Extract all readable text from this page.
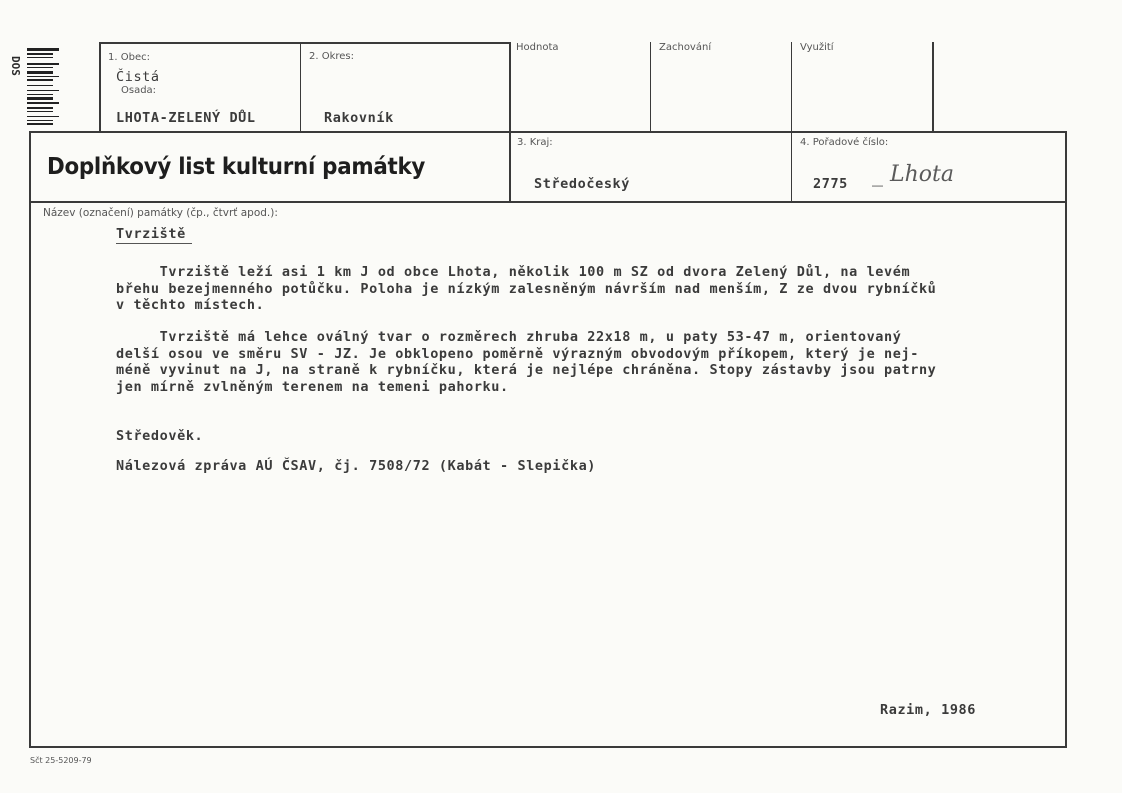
DOS	1. Obec:
Čistá
Osada:
LHOTA-ZELENÝ DŮL
2. Okres:
Rakovník
Hodnota	Zachování	Využití
Doplňkový list kulturní památky
3. Kraj:
Středočeský
4. Pořadové číslo:
2775 _ Lhota
Název (označení) památky (čp., čtvrť apod.):
Tvrziště
Tvrziště leží asi 1 km J od obce Lhota, několik 100 m SZ od dvora Zelený Důl, na levém
břehu bezejmenného potůčku. Poloha je nízkým zalesněným návrším nad menším, Z ze dvou rybníčků
v těchto místech.
Tvrziště má lehce oválný tvar o rozměrech zhruba 22x18 m, u paty 53-47 m, orientovaný
delší osou ve směru SV - JZ. Je obklopeno poměrně výrazným obvodovým příkopem, který je nej-
méně vyvinut na J, na straně k rybníčku, která je nejlépe chráněna. Stopy zástavby jsou patrny
jen mírně zvlněným terenem na temeni pahorku.
Středověk.
Nálezová zpráva AÚ ČSAV, čj. 7508/72 (Kabát - Slepička)
Razim, 1986
Sčt 25-5209-79
